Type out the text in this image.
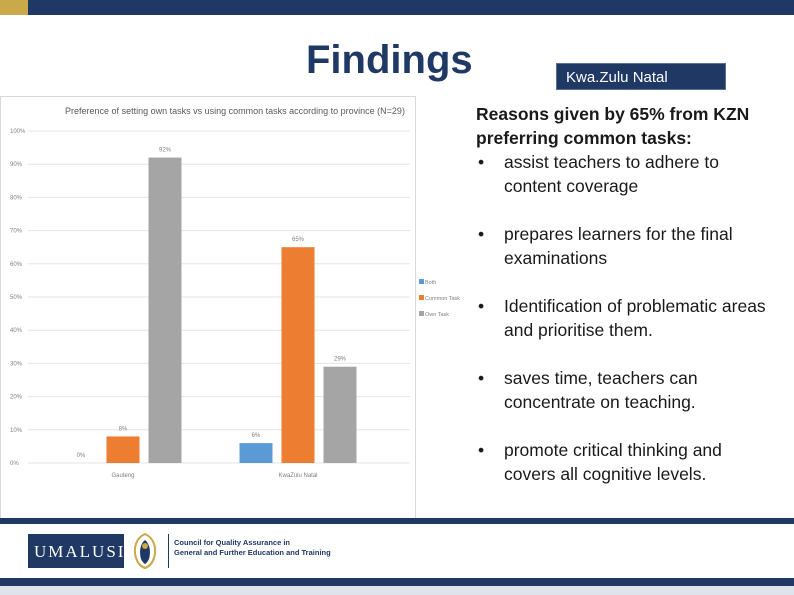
Findings	Kwa.Zulu Natal
Preference of setting own tasks vs using common tasks according to province (N=29)
0%
10%
20%
30%
40%
50%
60%
70%
80%
90%
100%
0%
8%
92%
Gauteng
6%
65%
29%
KwaZulu Natal
Both
Common Task
Own Task
Reasons given by 65% from KZN preferring common tasks:
• assist teachers to adhere to content coverage
• prepares learners for the final examinations
• Identification of problematic areas and prioritise them.
• saves time, teachers can concentrate on teaching.
• promote critical thinking and covers all cognitive levels.
UMALUSI	Council for Quality Assurance in
General and Further Education and Training
